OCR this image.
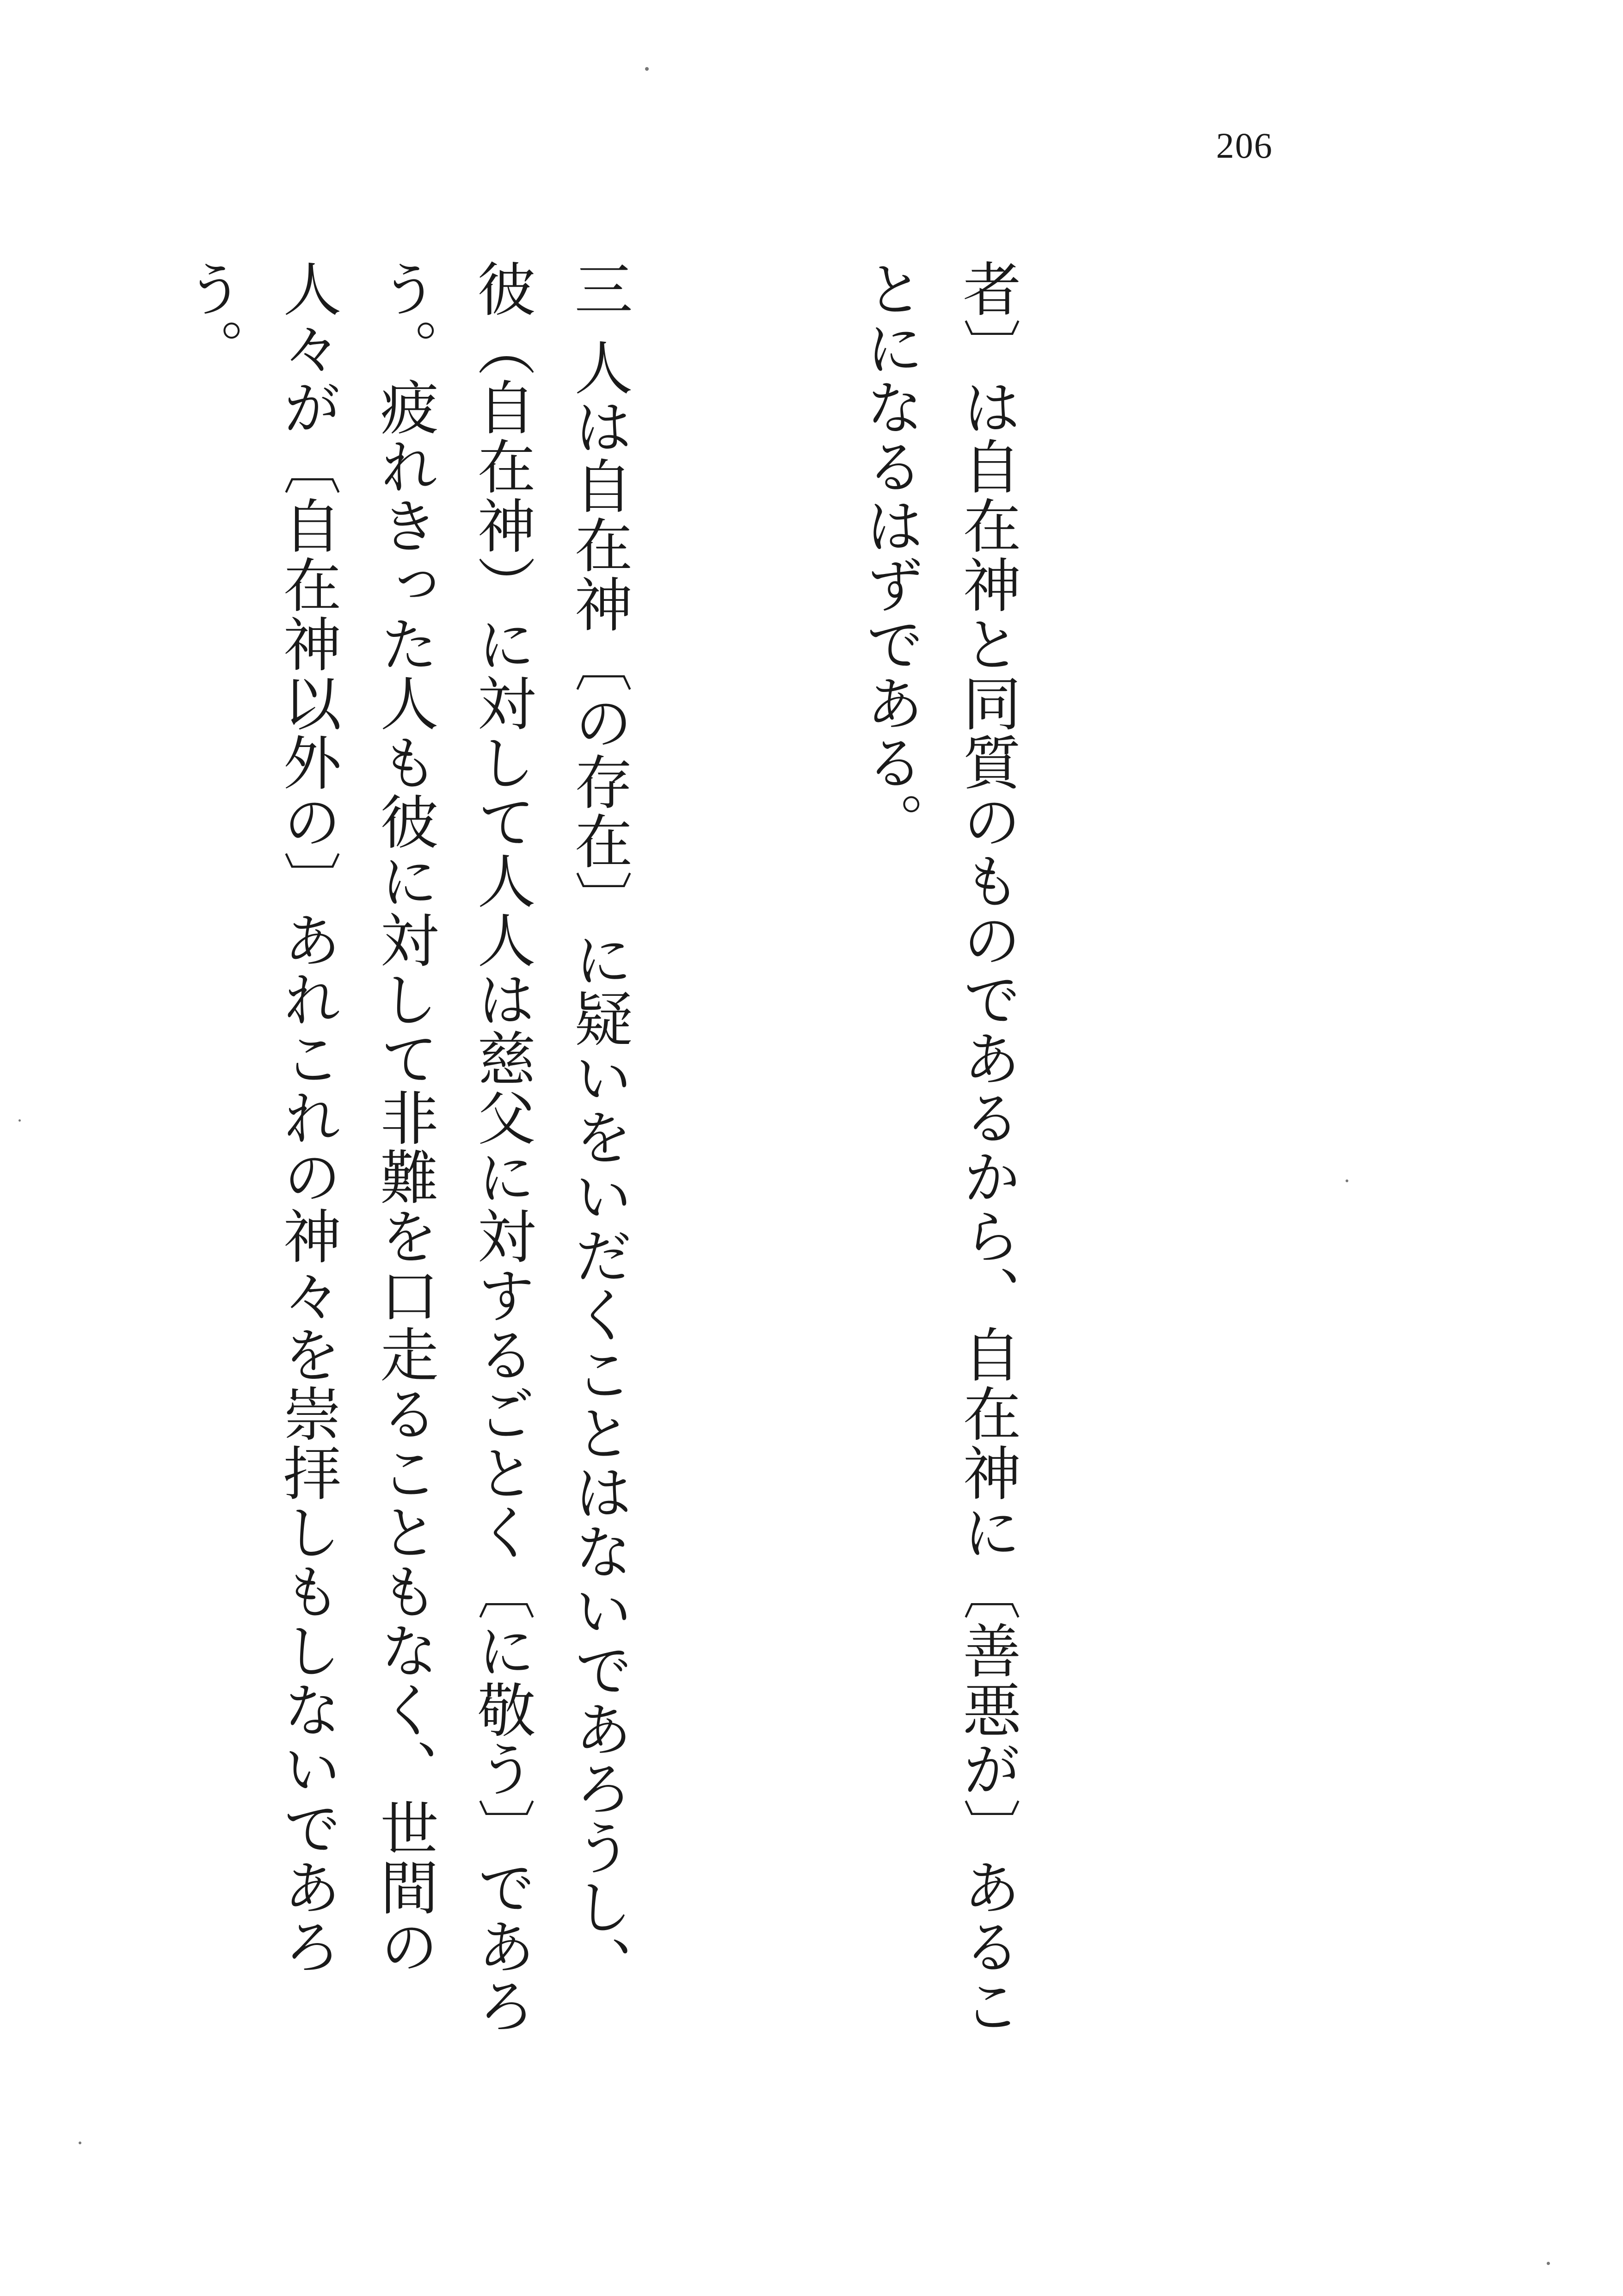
206

者〕は自在神と同質のものであるから、自在神に〔善悪が〕あることになるはずである。

三 人は自在神〔の存在〕に疑いをいだくことはないであろうし、彼（自在神）に対して人人は慈父に対するごとく〔に敬う〕であろう。疲れきった人も彼に対して非難を口走ることもなく、世間の人々が〔自在神以外の〕あれこれの神々を崇拝しもしないであろう。
